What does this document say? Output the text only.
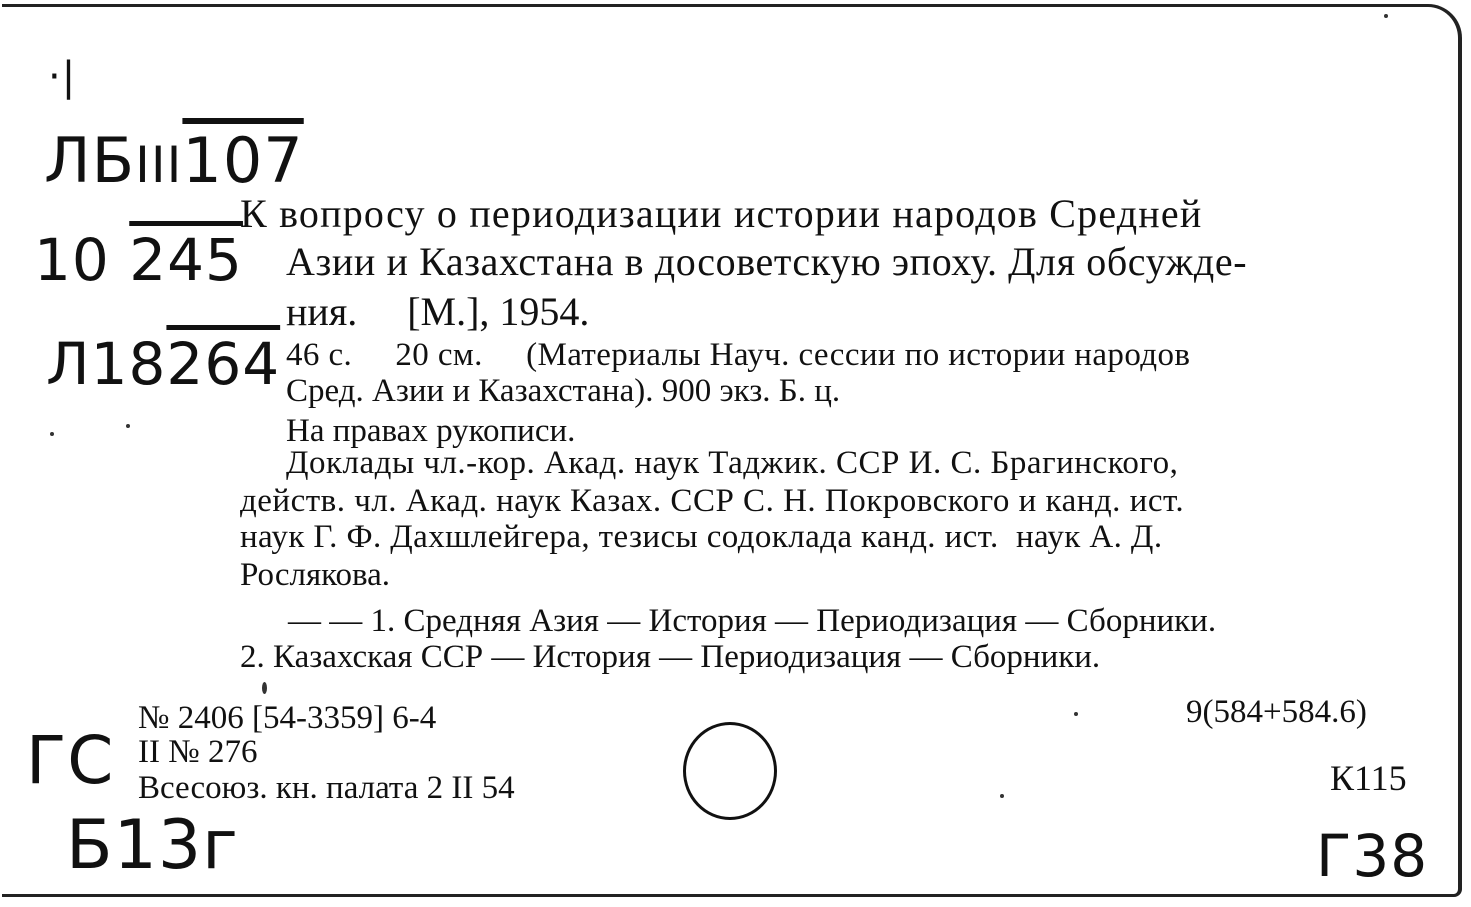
·|
ЛБIII107
10 245
Л18264
ГС
Б13г	Г38
К вопросу о периодизации истории народов Средней
Азии и Казахстана в досоветскую эпоху. Для обсужде-
ния.     [М.], 1954.
46 с.     20 см.     (Материалы Науч. сессии по истории народов
Сред. Азии и Казахстана). 900 экз. Б. ц.
На правах рукописи.
Доклады чл.-кор. Акад. наук Таджик. ССР И. С. Брагинского,
действ. чл. Акад. наук Казах. ССР С. Н. Покровского и канд. ист.
наук Г. Ф. Дахшлейгера, тезисы содоклада канд. ист.  наук А. Д.
Рослякова.
— — 1. Средняя Азия — История — Периодизация — Сборники.
2. Казахская ССР — История — Периодизация — Сборники.
№ 2406 [54-3359] 6-4
II № 276
Всесоюз. кн. палата 2 II 54
9(584+584.6)
К115
